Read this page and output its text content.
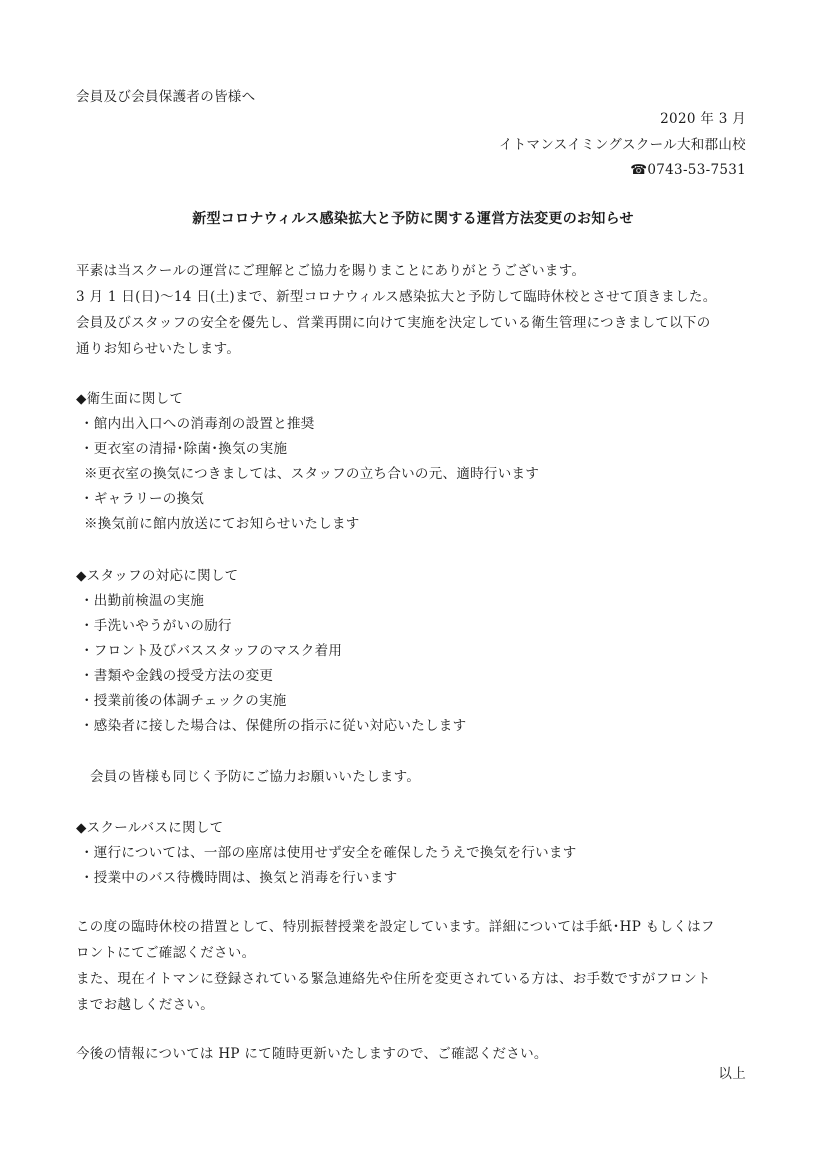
会員及び会員保護者の皆様へ
2020 年 3 月
イトマンスイミングスクール大和郡山校
☎0743-53-7531
新型コロナウィルス感染拡大と予防に関する運営方法変更のお知らせ
平素は当スクールの運営にご理解とご協力を賜りまことにありがとうございます。
3 月 1 日(日)～14 日(土)まで、新型コロナウィルス感染拡大と予防して臨時休校とさせて頂きました。
会員及びスタッフの安全を優先し、営業再開に向けて実施を決定している衛生管理につきまして以下の
通りお知らせいたします。
◆衛生面に関して
・館内出入口への消毒剤の設置と推奨
・更衣室の清掃･除菌･換気の実施
※更衣室の換気につきましては、スタッフの立ち合いの元、適時行います
・ギャラリーの換気
※換気前に館内放送にてお知らせいたします
◆スタッフの対応に関して
・出勤前検温の実施
・手洗いやうがいの励行
・フロント及びバススタッフのマスク着用
・書類や金銭の授受方法の変更
・授業前後の体調チェックの実施
・感染者に接した場合は、保健所の指示に従い対応いたします
会員の皆様も同じく予防にご協力お願いいたします。
◆スクールバスに関して
・運行については、一部の座席は使用せず安全を確保したうえで換気を行います
・授業中のバス待機時間は、換気と消毒を行います
この度の臨時休校の措置として、特別振替授業を設定しています。詳細については手紙･HP もしくはフ
ロントにてご確認ください。
また、現在イトマンに登録されている緊急連絡先や住所を変更されている方は、お手数ですがフロント
までお越しください。
今後の情報については HP にて随時更新いたしますので、ご確認ください。
以上
